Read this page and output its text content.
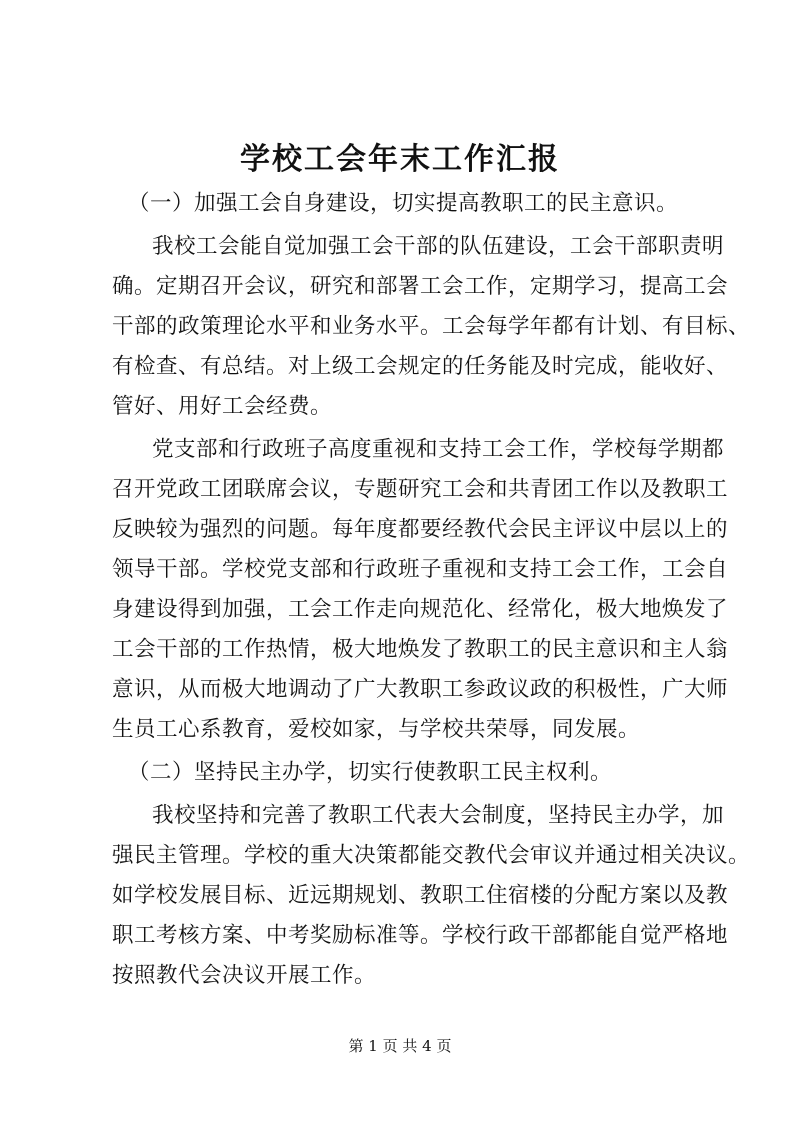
学校工会年末工作汇报
（一）加强工会自身建设，切实提高教职工的民主意识。
我校工会能自觉加强工会干部的队伍建设，工会干部职责明
确。定期召开会议，研究和部署工会工作，定期学习，提高工会
干部的政策理论水平和业务水平。工会每学年都有计划、有目标、
有检查、有总结。对上级工会规定的任务能及时完成，能收好、
管好、用好工会经费。
党支部和行政班子高度重视和支持工会工作，学校每学期都
召开党政工团联席会议，专题研究工会和共青团工作以及教职工
反映较为强烈的问题。每年度都要经教代会民主评议中层以上的
领导干部。学校党支部和行政班子重视和支持工会工作，工会自
身建设得到加强，工会工作走向规范化、经常化，极大地焕发了
工会干部的工作热情，极大地焕发了教职工的民主意识和主人翁
意识，从而极大地调动了广大教职工参政议政的积极性，广大师
生员工心系教育，爱校如家，与学校共荣辱，同发展。
（二）坚持民主办学，切实行使教职工民主权利。
我校坚持和完善了教职工代表大会制度，坚持民主办学，加
强民主管理。学校的重大决策都能交教代会审议并通过相关决议。
如学校发展目标、近远期规划、教职工住宿楼的分配方案以及教
职工考核方案、中考奖励标准等。学校行政干部都能自觉严格地
按照教代会决议开展工作。
第 1 页 共 4 页
